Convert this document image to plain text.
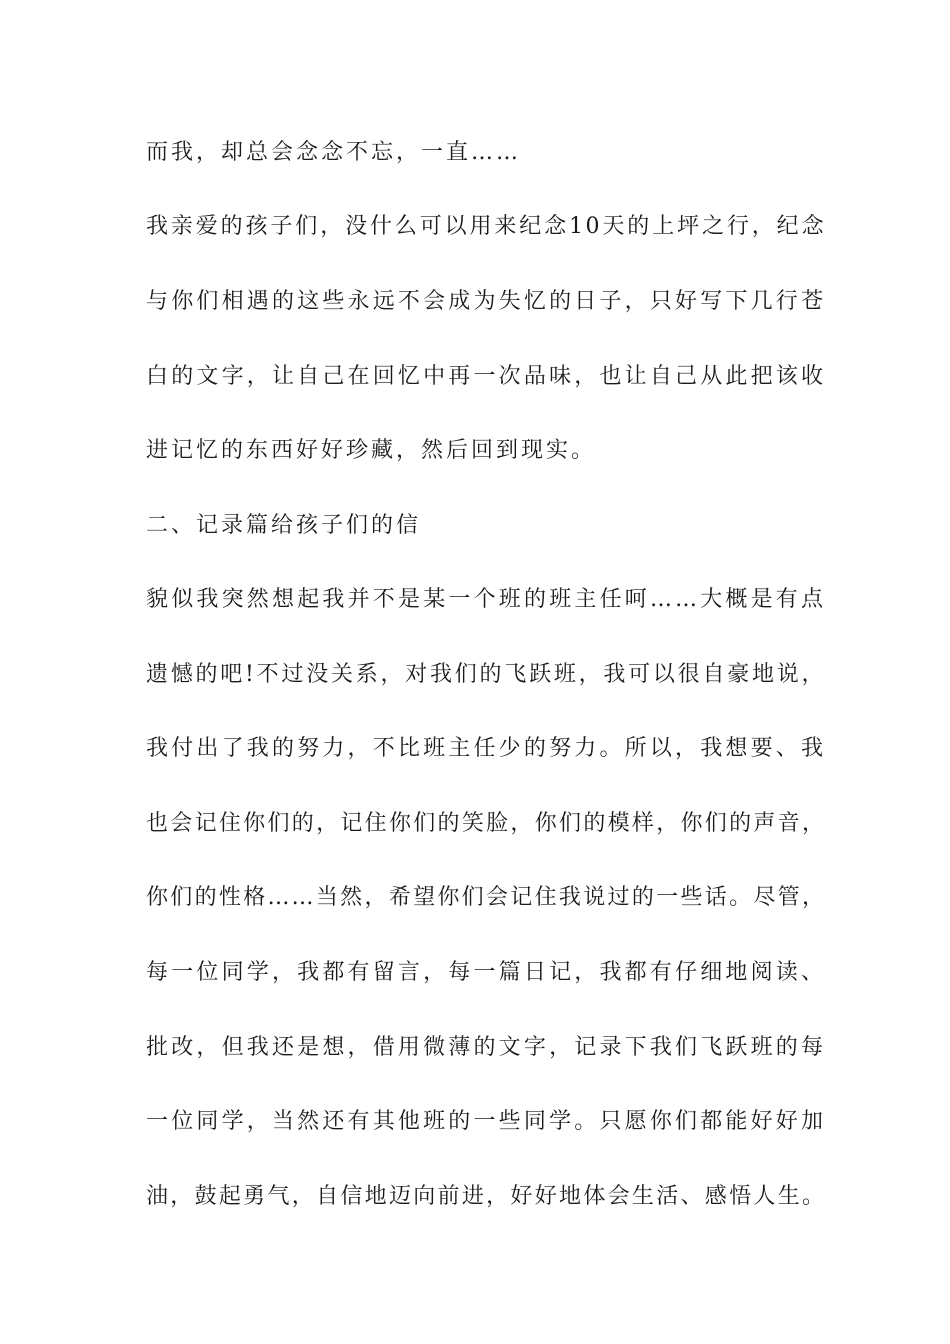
而我，却总会念念不忘，一直……
我亲爱的孩子们，没什么可以用来纪念10天的上坪之行，纪念
与你们相遇的这些永远不会成为失忆的日子，只好写下几行苍
白的文字，让自己在回忆中再一次品味，也让自己从此把该收
进记忆的东西好好珍藏，然后回到现实。
二、记录篇给孩子们的信
貌似我突然想起我并不是某一个班的班主任呵……大概是有点
遗憾的吧!不过没关系，对我们的飞跃班，我可以很自豪地说，
我付出了我的努力，不比班主任少的努力。所以，我想要、我
也会记住你们的，记住你们的笑脸，你们的模样，你们的声音，
你们的性格……当然，希望你们会记住我说过的一些话。尽管，
每一位同学，我都有留言，每一篇日记，我都有仔细地阅读、
批改，但我还是想，借用微薄的文字，记录下我们飞跃班的每
一位同学，当然还有其他班的一些同学。只愿你们都能好好加
油，鼓起勇气，自信地迈向前进，好好地体会生活、感悟人生。
